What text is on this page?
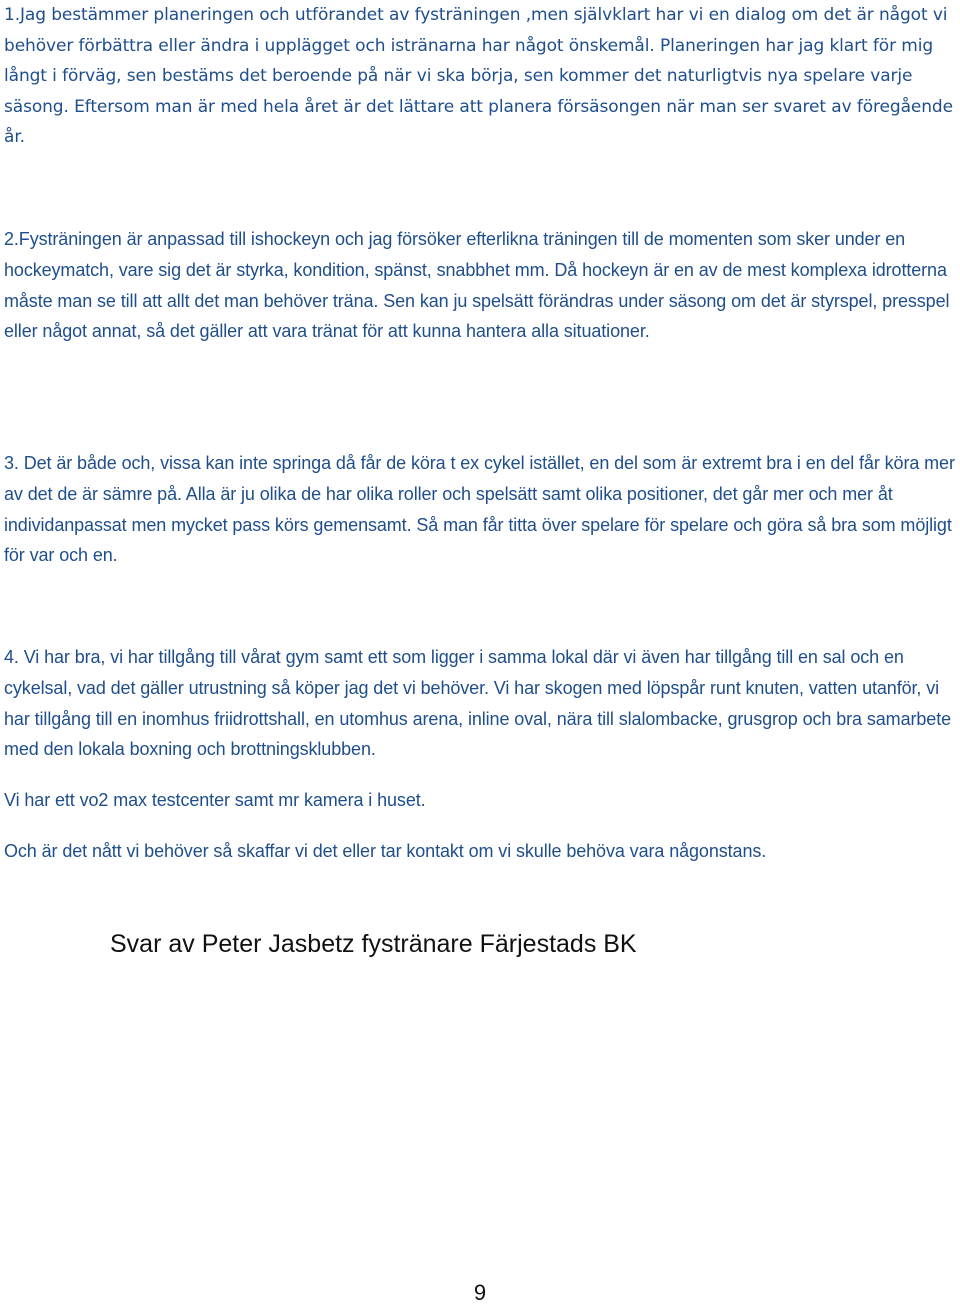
1.Jag bestämmer planeringen och utförandet av fysträningen ,men självklart har vi en dialog om det är något vi behöver förbättra eller ändra i upplägget och istränarna har något önskemål. Planeringen har jag klart för mig långt i förväg, sen bestäms det beroende på när vi ska börja, sen kommer det naturligtvis nya spelare varje säsong. Eftersom man är med hela året är det lättare att planera försäsongen när man ser svaret av föregående år.

2.Fysträningen är anpassad till ishockeyn och jag försöker efterlikna träningen till de momenten som sker under en hockeymatch, vare sig det är styrka, kondition, spänst, snabbhet mm. Då hockeyn är en av de mest komplexa idrotterna måste man se till att allt det man behöver träna. Sen kan ju spelsätt förändras under säsong om det är styrspel, presspel eller något annat, så det gäller att vara tränat för att kunna hantera alla situationer.

3. Det är både och, vissa kan inte springa då får de köra t ex cykel istället, en del som är extremt bra i en del får köra mer av det de är sämre på. Alla är ju olika de har olika roller och spelsätt samt olika positioner, det går mer och mer åt individanpassat men mycket pass körs gemensamt. Så man får titta över spelare för spelare och göra så bra som möjligt för var och en.

4. Vi har bra, vi har tillgång till vårat gym samt ett som ligger i samma lokal där vi även har tillgång till en sal och en cykelsal, vad det gäller utrustning så köper jag det vi behöver. Vi har skogen med löpspår runt knuten, vatten utanför, vi har tillgång till en inomhus friidrottshall, en utomhus arena, inline oval, nära till slalombacke, grusgrop och bra samarbete med den lokala boxning och brottningsklubben.

Vi har ett vo2 max testcenter samt mr kamera i huset.

Och är det nått vi behöver så skaffar vi det eller tar kontakt om vi skulle behöva vara någonstans.

Svar av Peter Jasbetz fystränare Färjestads BK

9
